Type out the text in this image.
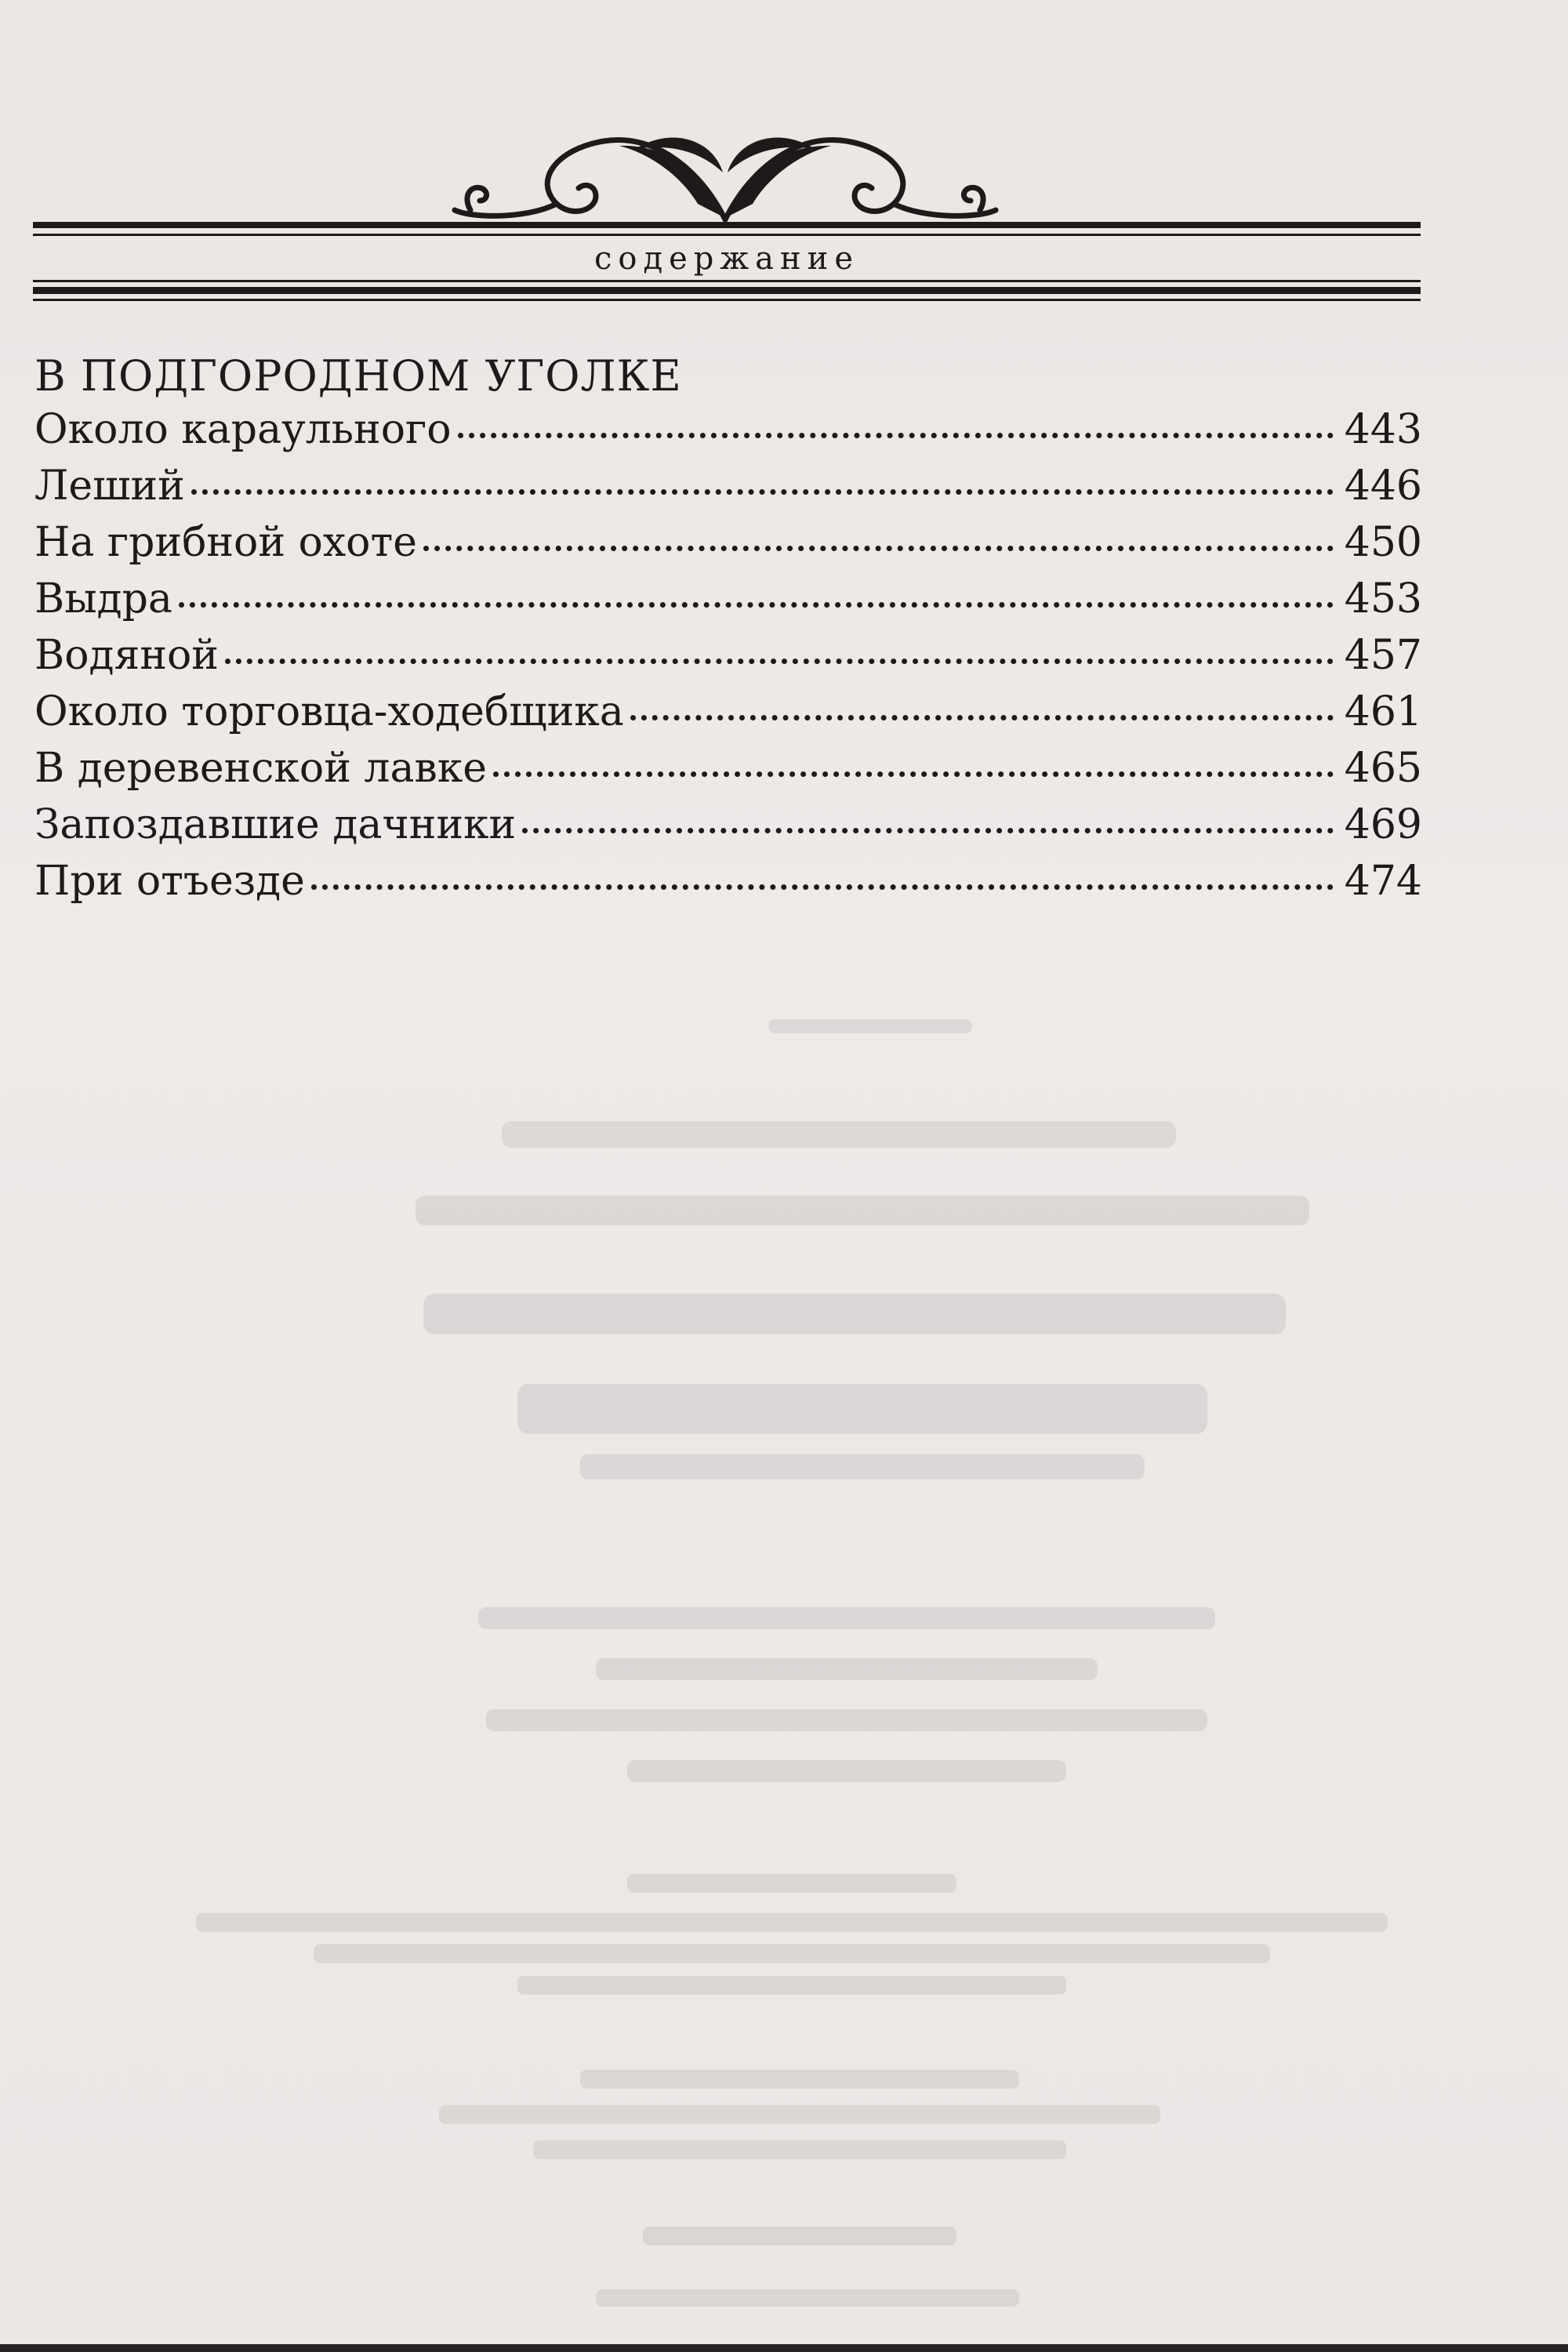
содержание
В ПОДГОРОДНОМ УГОЛКЕ
Около караульного	443
Леший	446
На грибной охоте	450
Выдра	453
Водяной	457
Около торговца-ходебщика	461
В деревенской лавке	465
Запоздавшие дачники	469
При отъезде	474
